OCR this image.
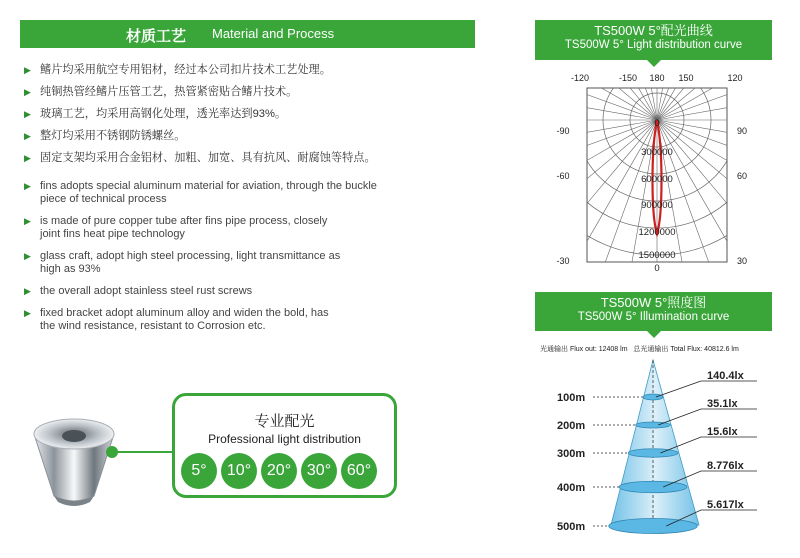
材质工艺 Material and Process
▶ 鳍片均采用航空专用铝材，经过本公司扣片技术工艺处理。
▶ 纯铜热管经鳍片压管工艺，热管紧密贴合鳍片技术。
▶ 玻璃工艺，均采用高钢化处理，透光率达到93%。
▶ 整灯均采用不锈钢防锈螺丝。
▶ 固定支架均采用合金铝材、加粗、加宽、具有抗风、耐腐蚀等特点。
▶ fins adopts special aluminum material for aviation, through the buckle
piece of technical process
▶ is made of pure copper tube after fins pipe process, closely
joint fins heat pipe technology
▶ glass craft, adopt high steel processing, light transmittance as
high as 93%
▶ the overall adopt stainless steel rust screws
▶ fixed bracket adopt aluminum alloy and widen the bold, has
the wind resistance, resistant to Corrosion etc.
专业配光
Professional light distribution
5°	10° 20° 30° 60°
TS500W 5°配光曲线
TS500W 5° Light distribution curve
-120	-150 180 150	120
-90	90
-60	60
-30	30
0
300000
600000
900000
1200000
1500000
0
TS500W 5°照度图
TS500W 5° Illumination curve
光通输出 Flux out: 12408 lm 总光通输出 Total Flux: 40812.6 lm
100m
140.4lx
200m
35.1lx
300m
15.6lx
400m
8.776lx
500m
5.617lx
